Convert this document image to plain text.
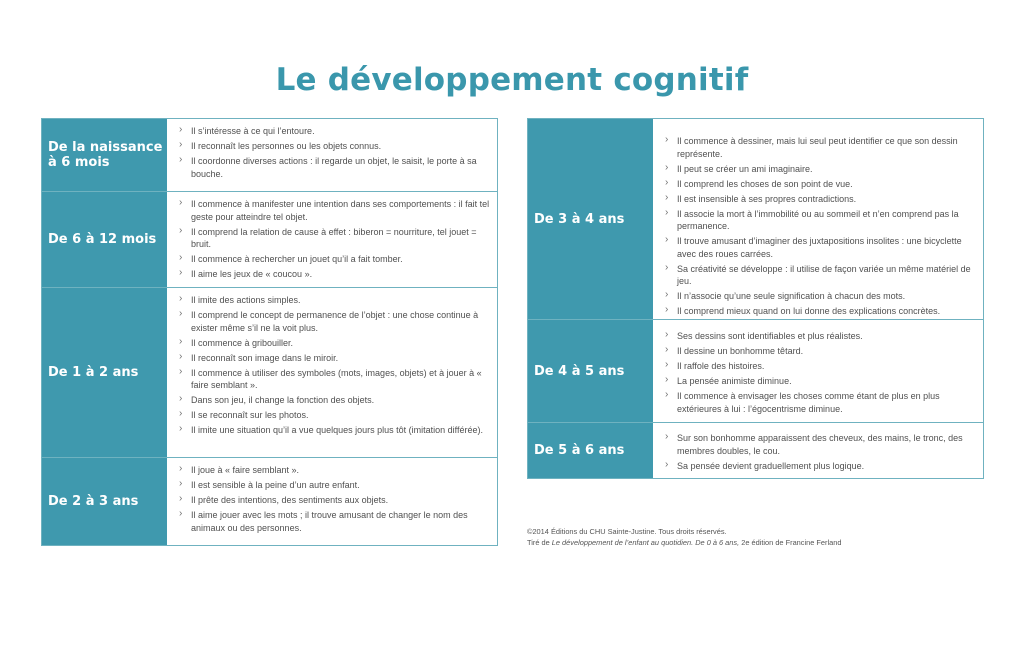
Le développement cognitif
De la naissance à 6 mois
› Il s’intéresse à ce qui l’entoure.
› Il reconnaît les personnes ou les objets connus.
› Il coordonne diverses actions : il regarde un objet, le saisit, le porte à sa bouche.
De 6 à 12 mois
› Il commence à manifester une intention dans ses comportements : il fait tel geste pour atteindre tel objet.
› Il comprend la relation de cause à effet : biberon = nourriture, tel jouet = bruit.
› Il commence à rechercher un jouet qu’il a fait tomber.
› Il aime les jeux de « coucou ».
De 1 à 2 ans
› Il imite des actions simples.
› Il comprend le concept de permanence de l’objet : une chose continue à exister même s’il ne la voit plus.
› Il commence à gribouiller.
› Il reconnaît son image dans le miroir.
› Il commence à utiliser des symboles (mots, images, objets) et à jouer à « faire semblant ».
› Dans son jeu, il change la fonction des objets.
› Il se reconnaît sur les photos.
› Il imite une situation qu’il a vue quelques jours plus tôt (imitation différée).
De 2 à 3 ans
› Il joue à « faire semblant ».
› Il est sensible à la peine d’un autre enfant.
› Il prête des intentions, des sentiments aux objets.
› Il aime jouer avec les mots ; il trouve amusant de changer le nom des animaux ou des personnes.
De 3 à 4 ans
› Il commence à dessiner, mais lui seul peut identifier ce que son dessin représente.
› Il peut se créer un ami imaginaire.
› Il comprend les choses de son point de vue.
› Il est insensible à ses propres contradictions.
› Il associe la mort à l’immobilité ou au sommeil et n’en comprend pas la permanence.
› Il trouve amusant d’imaginer des juxtapositions insolites : une bicyclette avec des roues carrées.
› Sa créativité se développe : il utilise de façon variée un même matériel de jeu.
› Il n’associe qu’une seule signification à chacun des mots.
› Il comprend mieux quand on lui donne des explications concrètes.
De 4 à 5 ans
› Ses dessins sont identifiables et plus réalistes.
› Il dessine un bonhomme têtard.
› Il raffole des histoires.
› La pensée animiste diminue.
› Il commence à envisager les choses comme étant de plus en plus extérieures à lui : l’égocentrisme diminue.
De 5 à 6 ans
› Sur son bonhomme apparaissent des cheveux, des mains, le tronc, des membres doubles, le cou.
› Sa pensée devient graduellement plus logique.
©2014 Éditions du CHU Sainte-Justine. Tous droits réservés.
Tiré de Le développement de l’enfant au quotidien. De 0 à 6 ans, 2e édition de Francine Ferland
